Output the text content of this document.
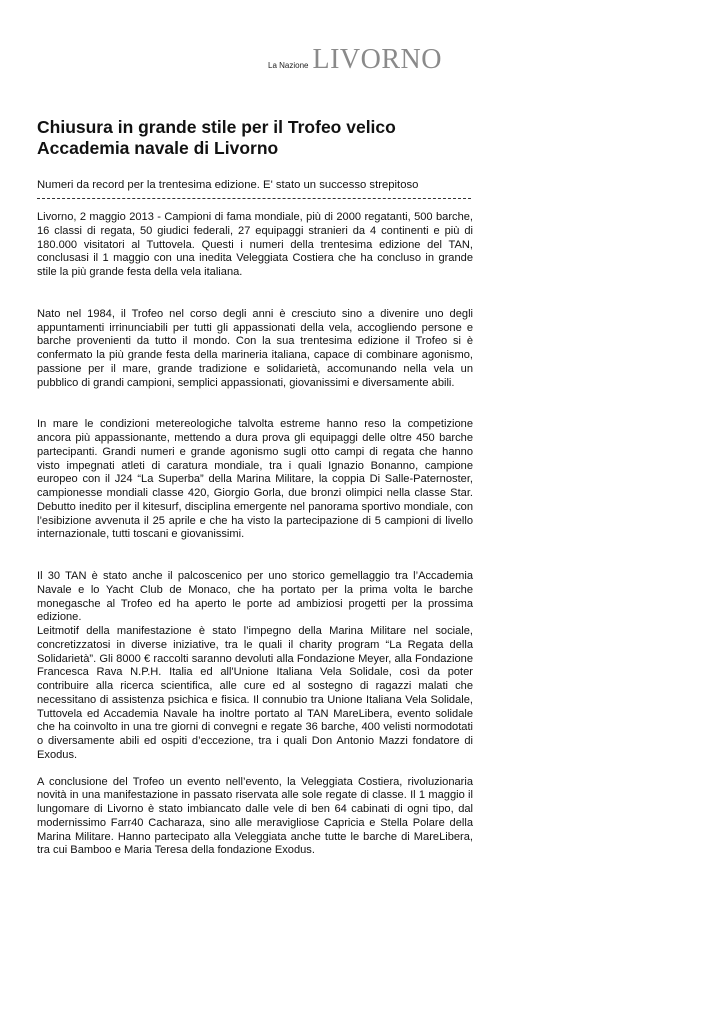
La Nazione LIVORNO
Chiusura in grande stile per il Trofeo velico Accademia navale di Livorno
Numeri da record per la trentesima edizione. E' stato un successo strepitoso

Livorno, 2 maggio 2013 - Campioni di fama mondiale, più di 2000 regatanti, 500 barche, 16 classi di regata, 50 giudici federali, 27 equipaggi stranieri da 4 continenti e più di 180.000 visitatori al Tuttovela. Questi i numeri della trentesima edizione del TAN, conclusasi il 1 maggio con una inedita Veleggiata Costiera che ha concluso in grande stile la più grande festa della vela italiana.

Nato nel 1984, il Trofeo nel corso degli anni è cresciuto sino a divenire uno degli appuntamenti irrinunciabili per tutti gli appassionati della vela, accogliendo persone e barche provenienti da tutto il mondo. Con la sua trentesima edizione il Trofeo si è confermato la più grande festa della marineria italiana, capace di combinare agonismo, passione per il mare, grande tradizione e solidarietà, accomunando nella vela un pubblico di grandi campioni, semplici appassionati, giovanissimi e diversamente abili.

In mare le condizioni metereologiche talvolta estreme hanno reso la competizione ancora più appassionante, mettendo a dura prova gli equipaggi delle oltre 450 barche partecipanti. Grandi numeri e grande agonismo sugli otto campi di regata che hanno visto impegnati atleti di caratura mondiale, tra i quali Ignazio Bonanno, campione europeo con il J24 “La Superba” della Marina Militare, la coppia Di Salle-Paternoster, campionesse mondiali classe 420, Giorgio Gorla, due bronzi olimpici nella classe Star. Debutto inedito per il kitesurf, disciplina emergente nel panorama sportivo mondiale, con l’esibizione avvenuta il 25 aprile e che ha visto la partecipazione di 5 campioni di livello internazionale, tutti toscani e giovanissimi.

Il 30 TAN è stato anche il palcoscenico per uno storico gemellaggio tra l’Accademia Navale e lo Yacht Club de Monaco, che ha portato per la prima volta le barche monegasche al Trofeo ed ha aperto le porte ad ambiziosi progetti per la prossima edizione.

Leitmotif della manifestazione è stato l’impegno della Marina Militare nel sociale, concretizzatosi in diverse iniziative, tra le quali il charity program “La Regata della Solidarietà”. Gli 8000 € raccolti saranno devoluti alla Fondazione Meyer, alla Fondazione Francesca Rava N.P.H. Italia ed all'Unione Italiana Vela Solidale, così da poter contribuire alla ricerca scientifica, alle cure ed al sostegno di ragazzi malati che necessitano di assistenza psichica e fisica. Il connubio tra Unione Italiana Vela Solidale, Tuttovela ed Accademia Navale ha inoltre portato al TAN MareLibera, evento solidale che ha coinvolto in una tre giorni di convegni e regate 36 barche, 400 velisti normodotati o diversamente abili ed ospiti d’eccezione, tra i quali Don Antonio Mazzi fondatore di Exodus.

A conclusione del Trofeo un evento nell’evento, la Veleggiata Costiera, rivoluzionaria novità in una manifestazione in passato riservata alle sole regate di classe. Il 1 maggio il lungomare di Livorno è stato imbiancato dalle vele di ben 64 cabinati di ogni tipo, dal modernissimo Farr40 Cacharaza, sino alle meravigliose Capricia e Stella Polare della Marina Militare. Hanno partecipato alla Veleggiata anche tutte le barche di MareLibera, tra cui Bamboo e Maria Teresa della fondazione Exodus.
